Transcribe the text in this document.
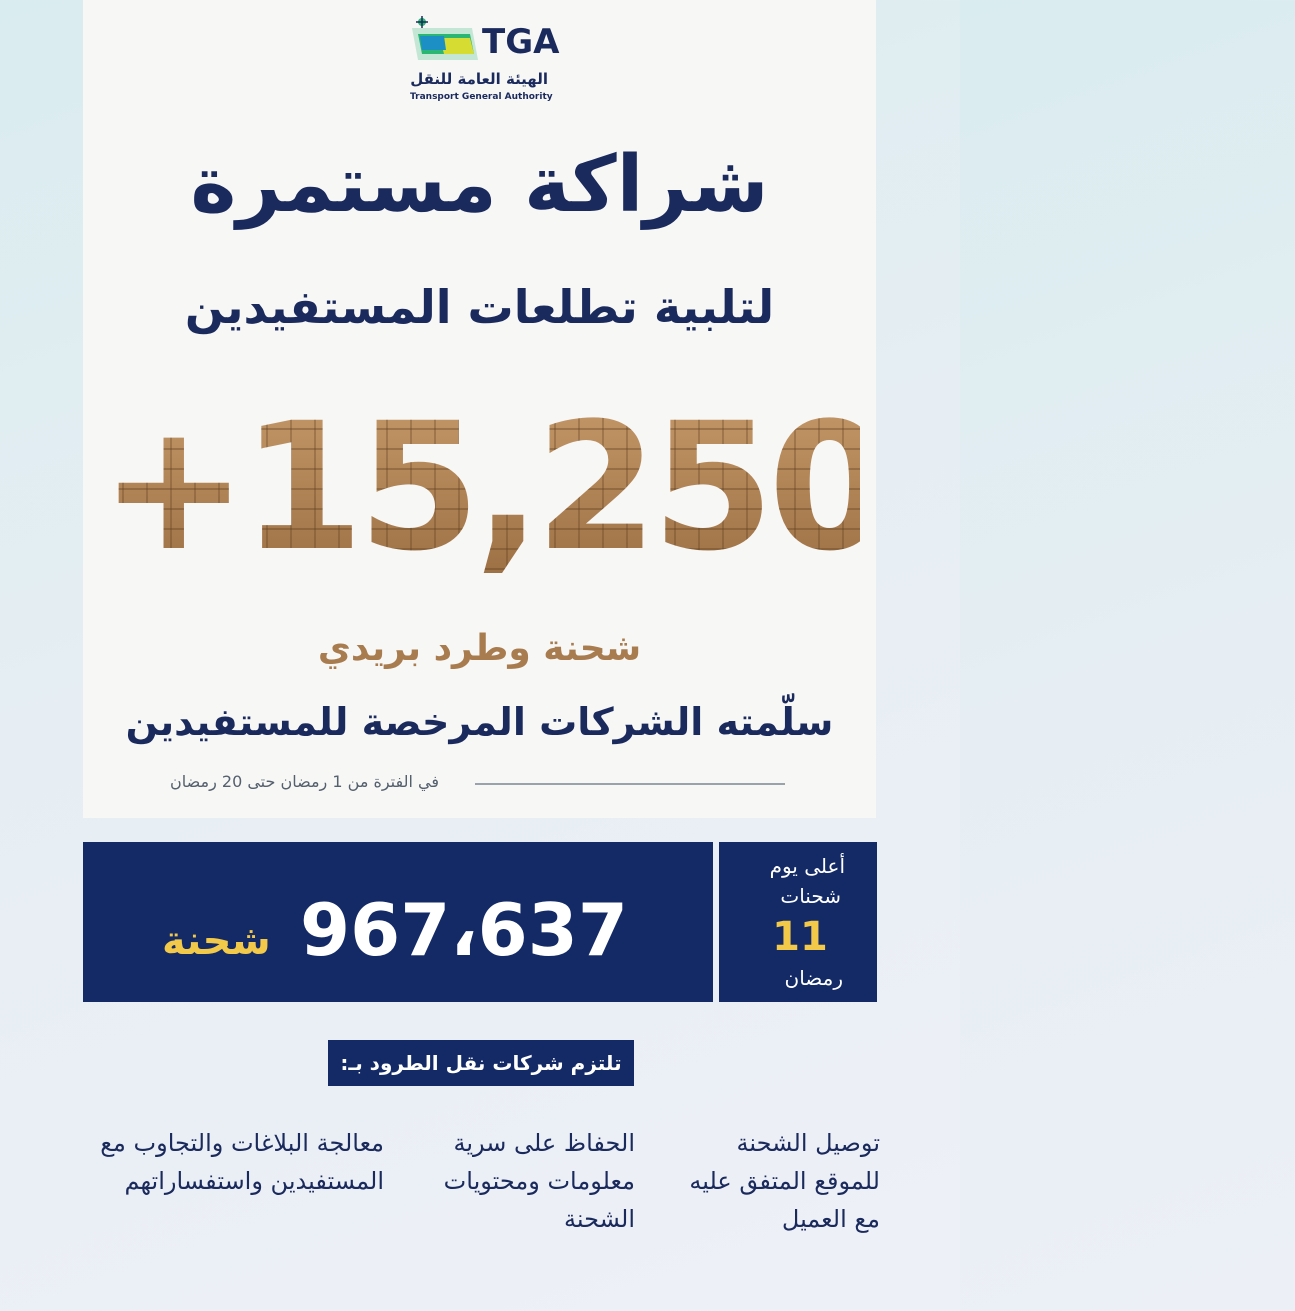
TGA
الهيئة العامة للنقل
Transport General Authority
شراكة مستمرة
لتلبية تطلعات المستفيدين
+15,250,000
شحنة وطرد بريدي
سلّمته الشركات المرخصة للمستفيدين
في الفترة من 1 رمضان حتى 20 رمضان
967،637
شحنة
أعلى يوم
شحنات
11
رمضان
تلتزم شركات نقل الطرود بـ:
توصيل الشحنة للموقع المتفق عليه مع العميل
الحفاظ على سرية معلومات ومحتويات الشحنة
معالجة البلاغات والتجاوب مع المستفيدين واستفساراتهم
